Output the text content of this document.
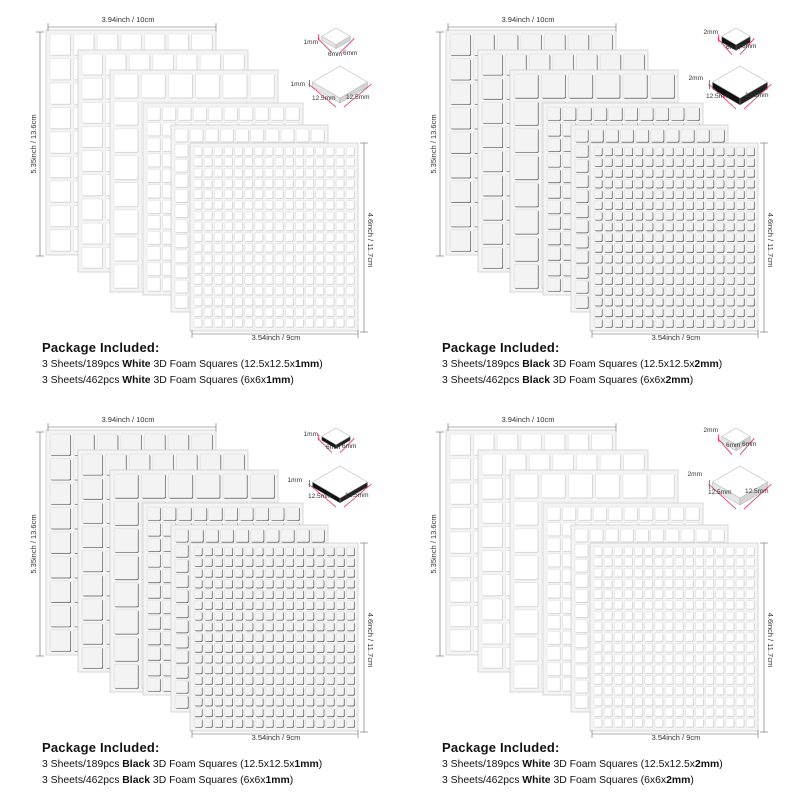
3.94inch / 10cm
5.35inch / 13.6cm
4.6inch / 11.7cm
3.54inch / 9cm
1mm
6mm 6mm
1mm
12.5mm 12.5mm
Package Included:
3 Sheets/189pcs White 3D Foam Squares (12.5x12.5x1mm)
3 Sheets/462pcs White 3D Foam Squares (6x6x1mm)
3.94inch / 10cm
5.35inch / 13.6cm
4.6inch / 11.7cm
3.54inch / 9cm
2mm
6mm 6mm
2mm
12.5mm 12.5mm
Package Included:
3 Sheets/189pcs Black 3D Foam Squares (12.5x12.5x2mm)
3 Sheets/462pcs Black 3D Foam Squares (6x6x2mm)
3.94inch / 10cm
5.35inch / 13.6cm
4.6inch / 11.7cm
3.54inch / 9cm
1mm
6mm 6mm
1mm
12.5mm 12.5mm
Package Included:
3 Sheets/189pcs Black 3D Foam Squares (12.5x12.5x1mm)
3 Sheets/462pcs Black 3D Foam Squares (6x6x1mm)
3.94inch / 10cm
5.35inch / 13.6cm
4.6inch / 11.7cm
3.54inch / 9cm
2mm
6mm 6mm
2mm
12.5mm 12.5mm
Package Included:
3 Sheets/189pcs White 3D Foam Squares (12.5x12.5x2mm)
3 Sheets/462pcs White 3D Foam Squares (6x6x2mm)
